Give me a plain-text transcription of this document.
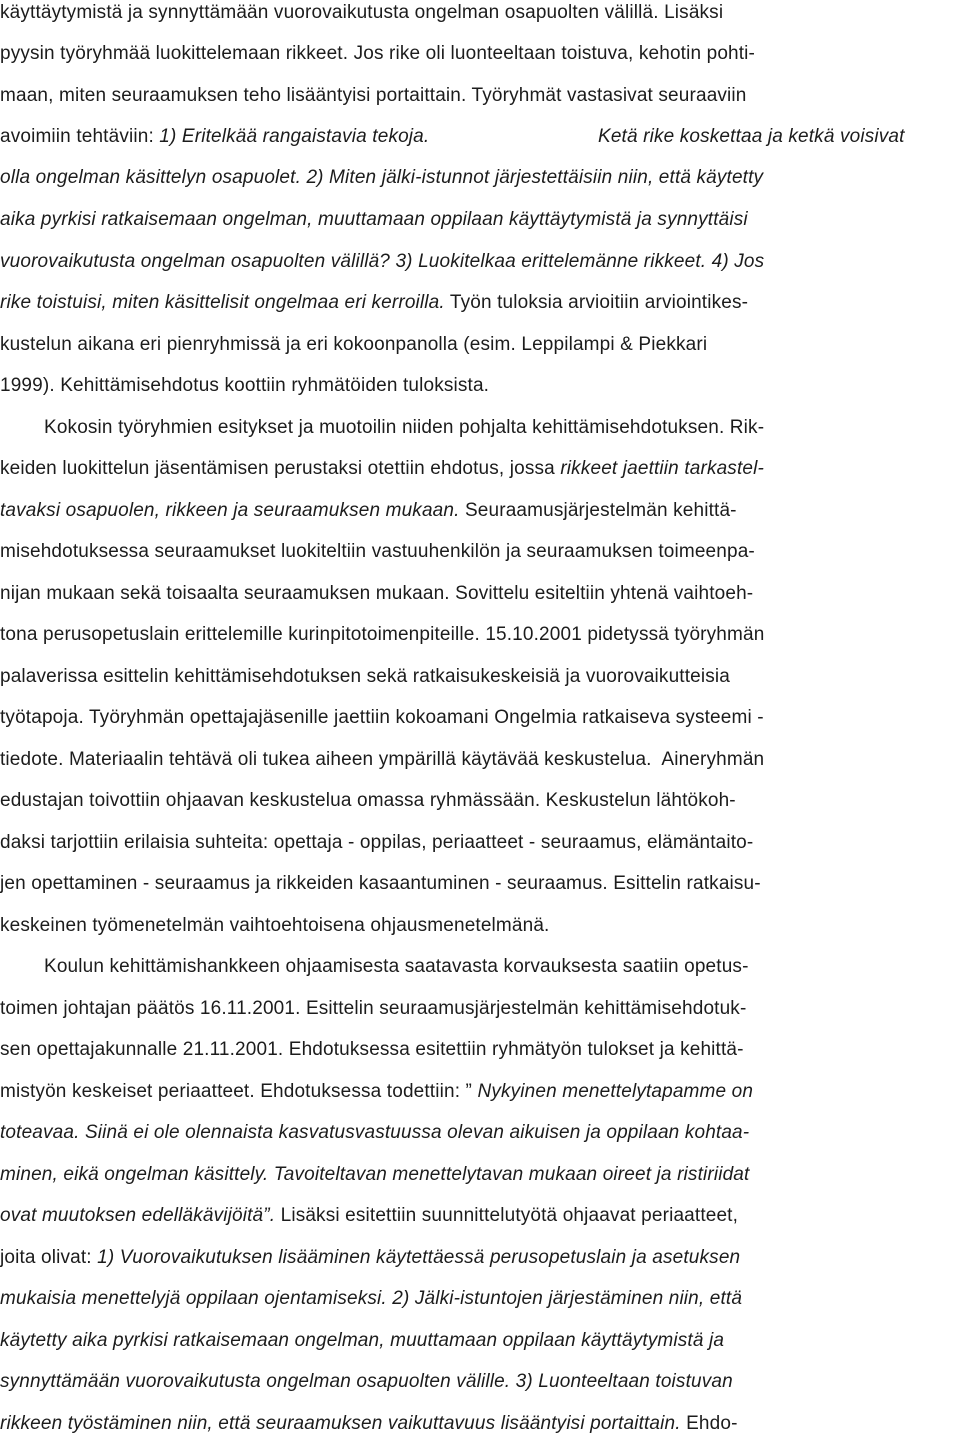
käyttäytymistä ja synnyttämään vuorovaikutusta ongelman osapuolten välillä. Lisäksi
pyysin työryhmää luokittelemaan rikkeet. Jos rike oli luonteeltaan toistuva, kehotin pohti-
maan, miten seuraamuksen teho lisääntyisi portaittain. Työryhmät vastasivat seuraaviin
avoimiin tehtäviin: 1) Eritelkää rangaistavia tekoja.	Ketä rike koskettaa ja ketkä voisivat
olla ongelman käsittelyn osapuolet. 2) Miten jälki-istunnot järjestettäisiin niin, että käytetty
aika pyrkisi ratkaisemaan ongelman, muuttamaan oppilaan käyttäytymistä ja synnyttäisi
vuorovaikutusta ongelman osapuolten välillä? 3) Luokitelkaa erittelemänne rikkeet. 4) Jos
rike toistuisi, miten käsittelisit ongelmaa eri kerroilla. Työn tuloksia arvioitiin arviointikes-
kustelun aikana eri pienryhmissä ja eri kokoonpanolla (esim. Leppilampi & Piekkari
1999). Kehittämisehdotus koottiin ryhmätöiden tuloksista.
Kokosin työryhmien esitykset ja muotoilin niiden pohjalta kehittämisehdotuksen. Rik-
keiden luokittelun jäsentämisen perustaksi otettiin ehdotus, jossa rikkeet jaettiin tarkastel-
tavaksi osapuolen, rikkeen ja seuraamuksen mukaan. Seuraamusjärjestelmän kehittä-
misehdotuksessa seuraamukset luokiteltiin vastuuhenkilön ja seuraamuksen toimeenpa-
nijan mukaan sekä toisaalta seuraamuksen mukaan. Sovittelu esiteltiin yhtenä vaihtoeh-
tona perusopetuslain erittelemille kurinpitotoimenpiteille. 15.10.2001 pidetyssä työryhmän
palaverissa esittelin kehittämisehdotuksen sekä ratkaisukeskeisiä ja vuorovaikutteisia
työtapoja. Työryhmän opettajajäsenille jaettiin kokoamani Ongelmia ratkaiseva systeemi -
tiedote. Materiaalin tehtävä oli tukea aiheen ympärillä käytävää keskustelua.  Aineryhmän
edustajan toivottiin ohjaavan keskustelua omassa ryhmässään. Keskustelun lähtökoh-
daksi tarjottiin erilaisia suhteita: opettaja - oppilas, periaatteet - seuraamus, elämäntaito-
jen opettaminen - seuraamus ja rikkeiden kasaantuminen - seuraamus. Esittelin ratkaisu-
keskeinen työmenetelmän vaihtoehtoisena ohjausmenetelmänä.
Koulun kehittämishankkeen ohjaamisesta saatavasta korvauksesta saatiin opetus-
toimen johtajan päätös 16.11.2001. Esittelin seuraamusjärjestelmän kehittämisehdotuk-
sen opettajakunnalle 21.11.2001. Ehdotuksessa esitettiin ryhmätyön tulokset ja kehittä-
mistyön keskeiset periaatteet. Ehdotuksessa todettiin: ” Nykyinen menettelytapamme on
toteavaa. Siinä ei ole olennaista kasvatusvastuussa olevan aikuisen ja oppilaan kohtaa-
minen, eikä ongelman käsittely. Tavoiteltavan menettelytavan mukaan oireet ja ristiriidat
ovat muutoksen edelläkävijöitä”. Lisäksi esitettiin suunnittelutyötä ohjaavat periaatteet,
joita olivat: 1) Vuorovaikutuksen lisääminen käytettäessä perusopetuslain ja asetuksen
mukaisia menettelyjä oppilaan ojentamiseksi. 2) Jälki-istuntojen järjestäminen niin, että
käytetty aika pyrkisi ratkaisemaan ongelman, muuttamaan oppilaan käyttäytymistä ja
synnyttämään vuorovaikutusta ongelman osapuolten välille. 3) Luonteeltaan toistuvan
rikkeen työstäminen niin, että seuraamuksen vaikuttavuus lisääntyisi portaittain. Ehdo-
